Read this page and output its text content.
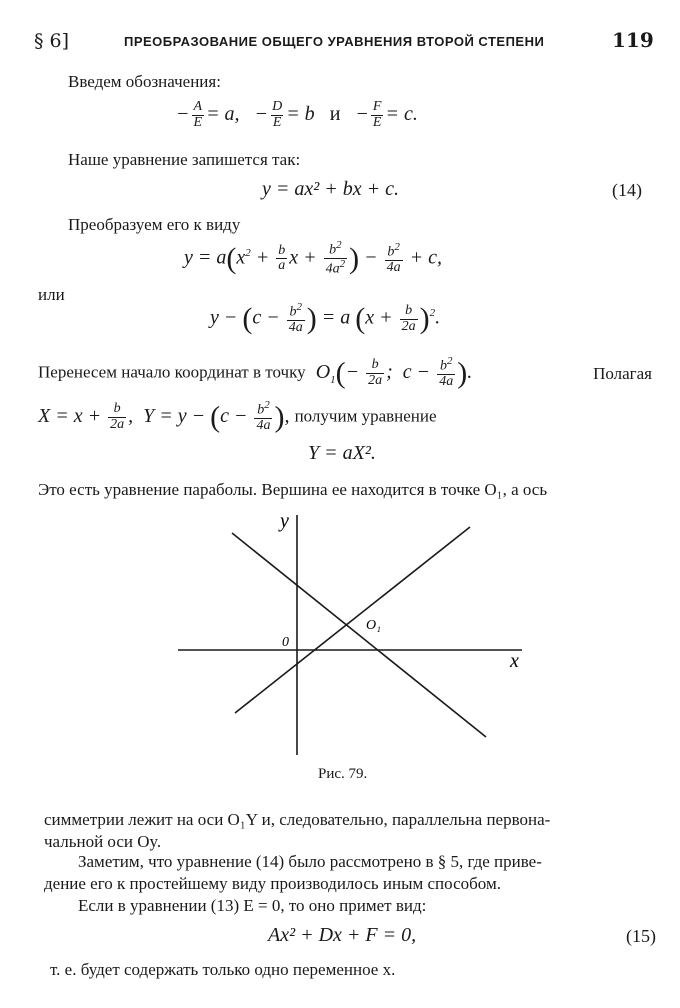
§ 6]	ПРЕОБРАЗОВАНИЕ ОБЩЕГО УРАВНЕНИЯ ВТОРОЙ СТЕПЕНИ	119
Введем обозначения:
− $\frac{A}{E} = a$,   − $\frac{D}{E} = b$   $и - \frac{F}{E} = c$.
Наше уравнение запишется так:
y = ax² + bx + c.	(14)
Преобразуем его к виду
$y = a(x^2 + \frac{b}{a}$ $x + \frac{b^2}{4a^2}$ ) − $\frac{b^2}{4a} + c$,
или
$y - (c - \frac{b^2}{4a}$ ) = a $(x + \frac{b}{2a} )^2$.
Перенесем начало координат в точку  $O_1(- \frac{b}{2a}$ ;  $c - \frac{b^2}{4a}$ ).	Полагая
$X = x + \frac{b}{2a}$ ,  $Y = y - (c - \frac{b^2}{4a}$ ), получим уравнение
Y = aX².
Это есть уравнение параболы. Вершина ее находится в точке O₁, а ось
x
y
0
O₁
Рис. 79.
симметрии лежит на оси O₁Y и, следовательно, параллельна первона-
чальной оси Oy.
Заметим, что уравнение (14) было рассмотрено в § 5, где приве-
дение его к простейшему виду производилось иным способом.
Если в уравнении (13) E = 0, то оно примет вид:
Ax² + Dx + F = 0,	(15)
т. е. будет содержать только одно переменное x.
